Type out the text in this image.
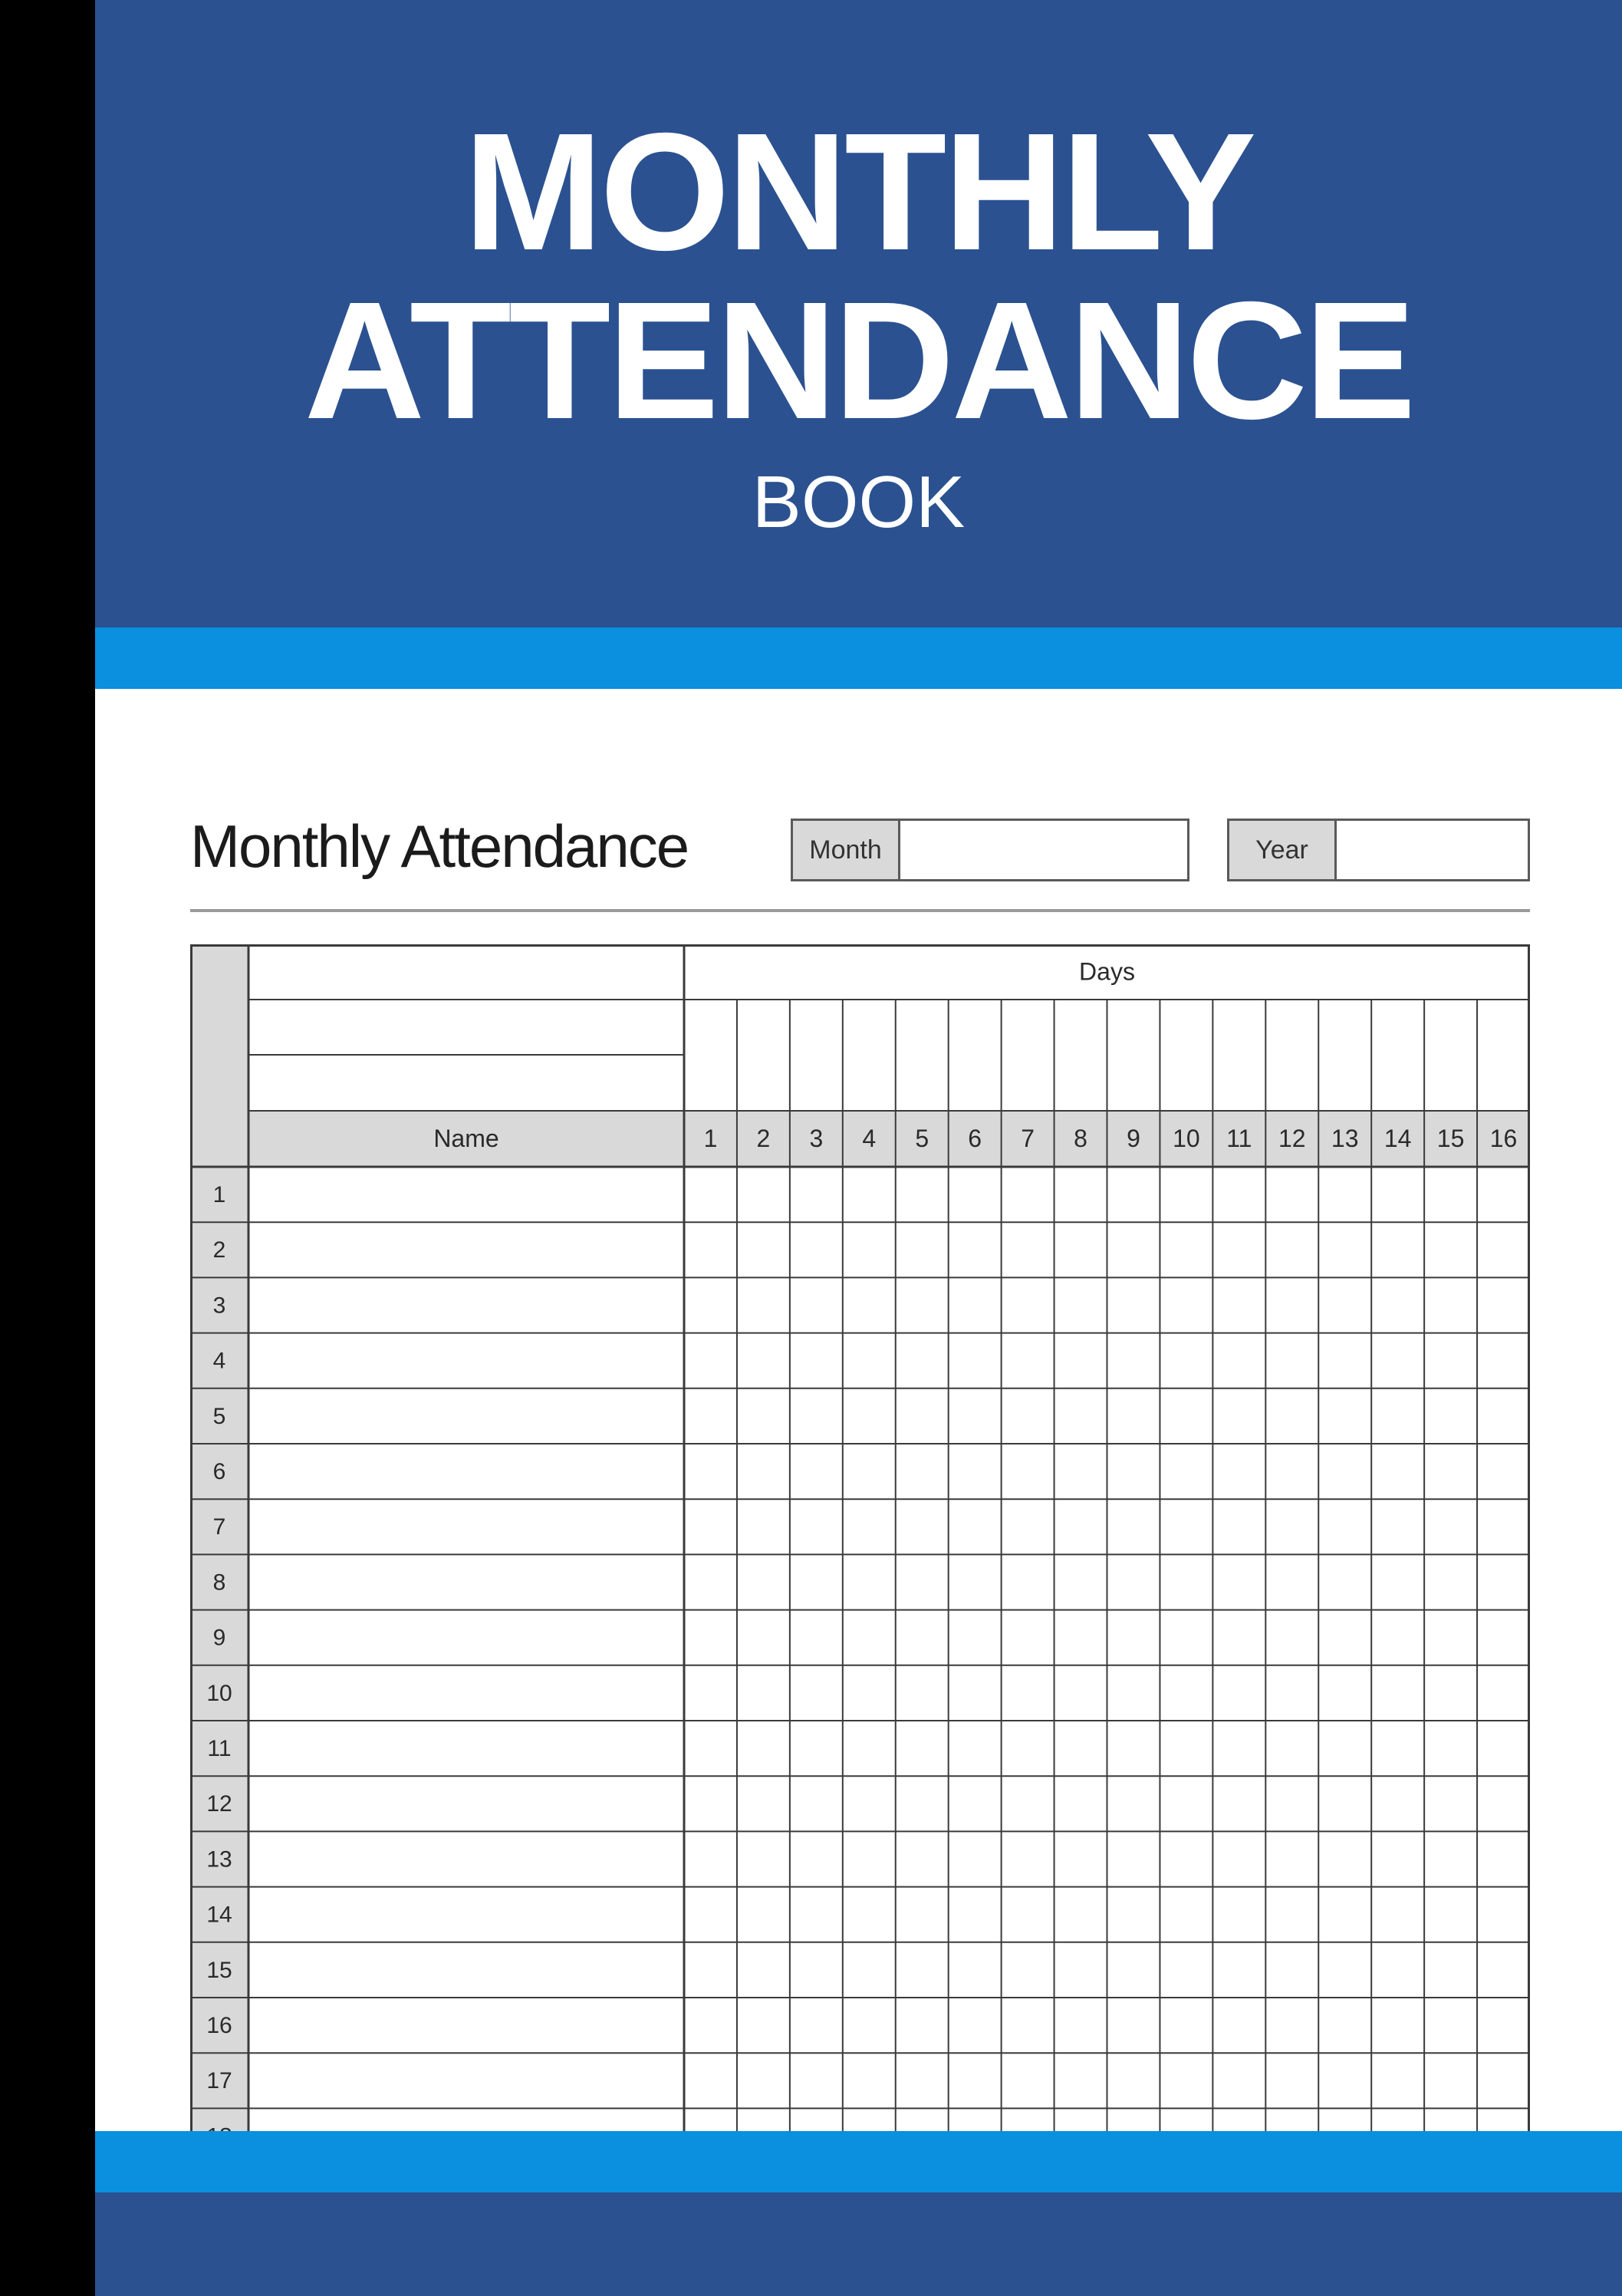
MONTHLY
ATTENDANCE
BOOK
Monthly Attendance	Month	Year
Days
Name	1 2 3 4 5 6 7 8 9 10 11 12 13 14 15 16
1
2
3
4
5
6
7
8
9
10
11
12
13
14
15
16
17
